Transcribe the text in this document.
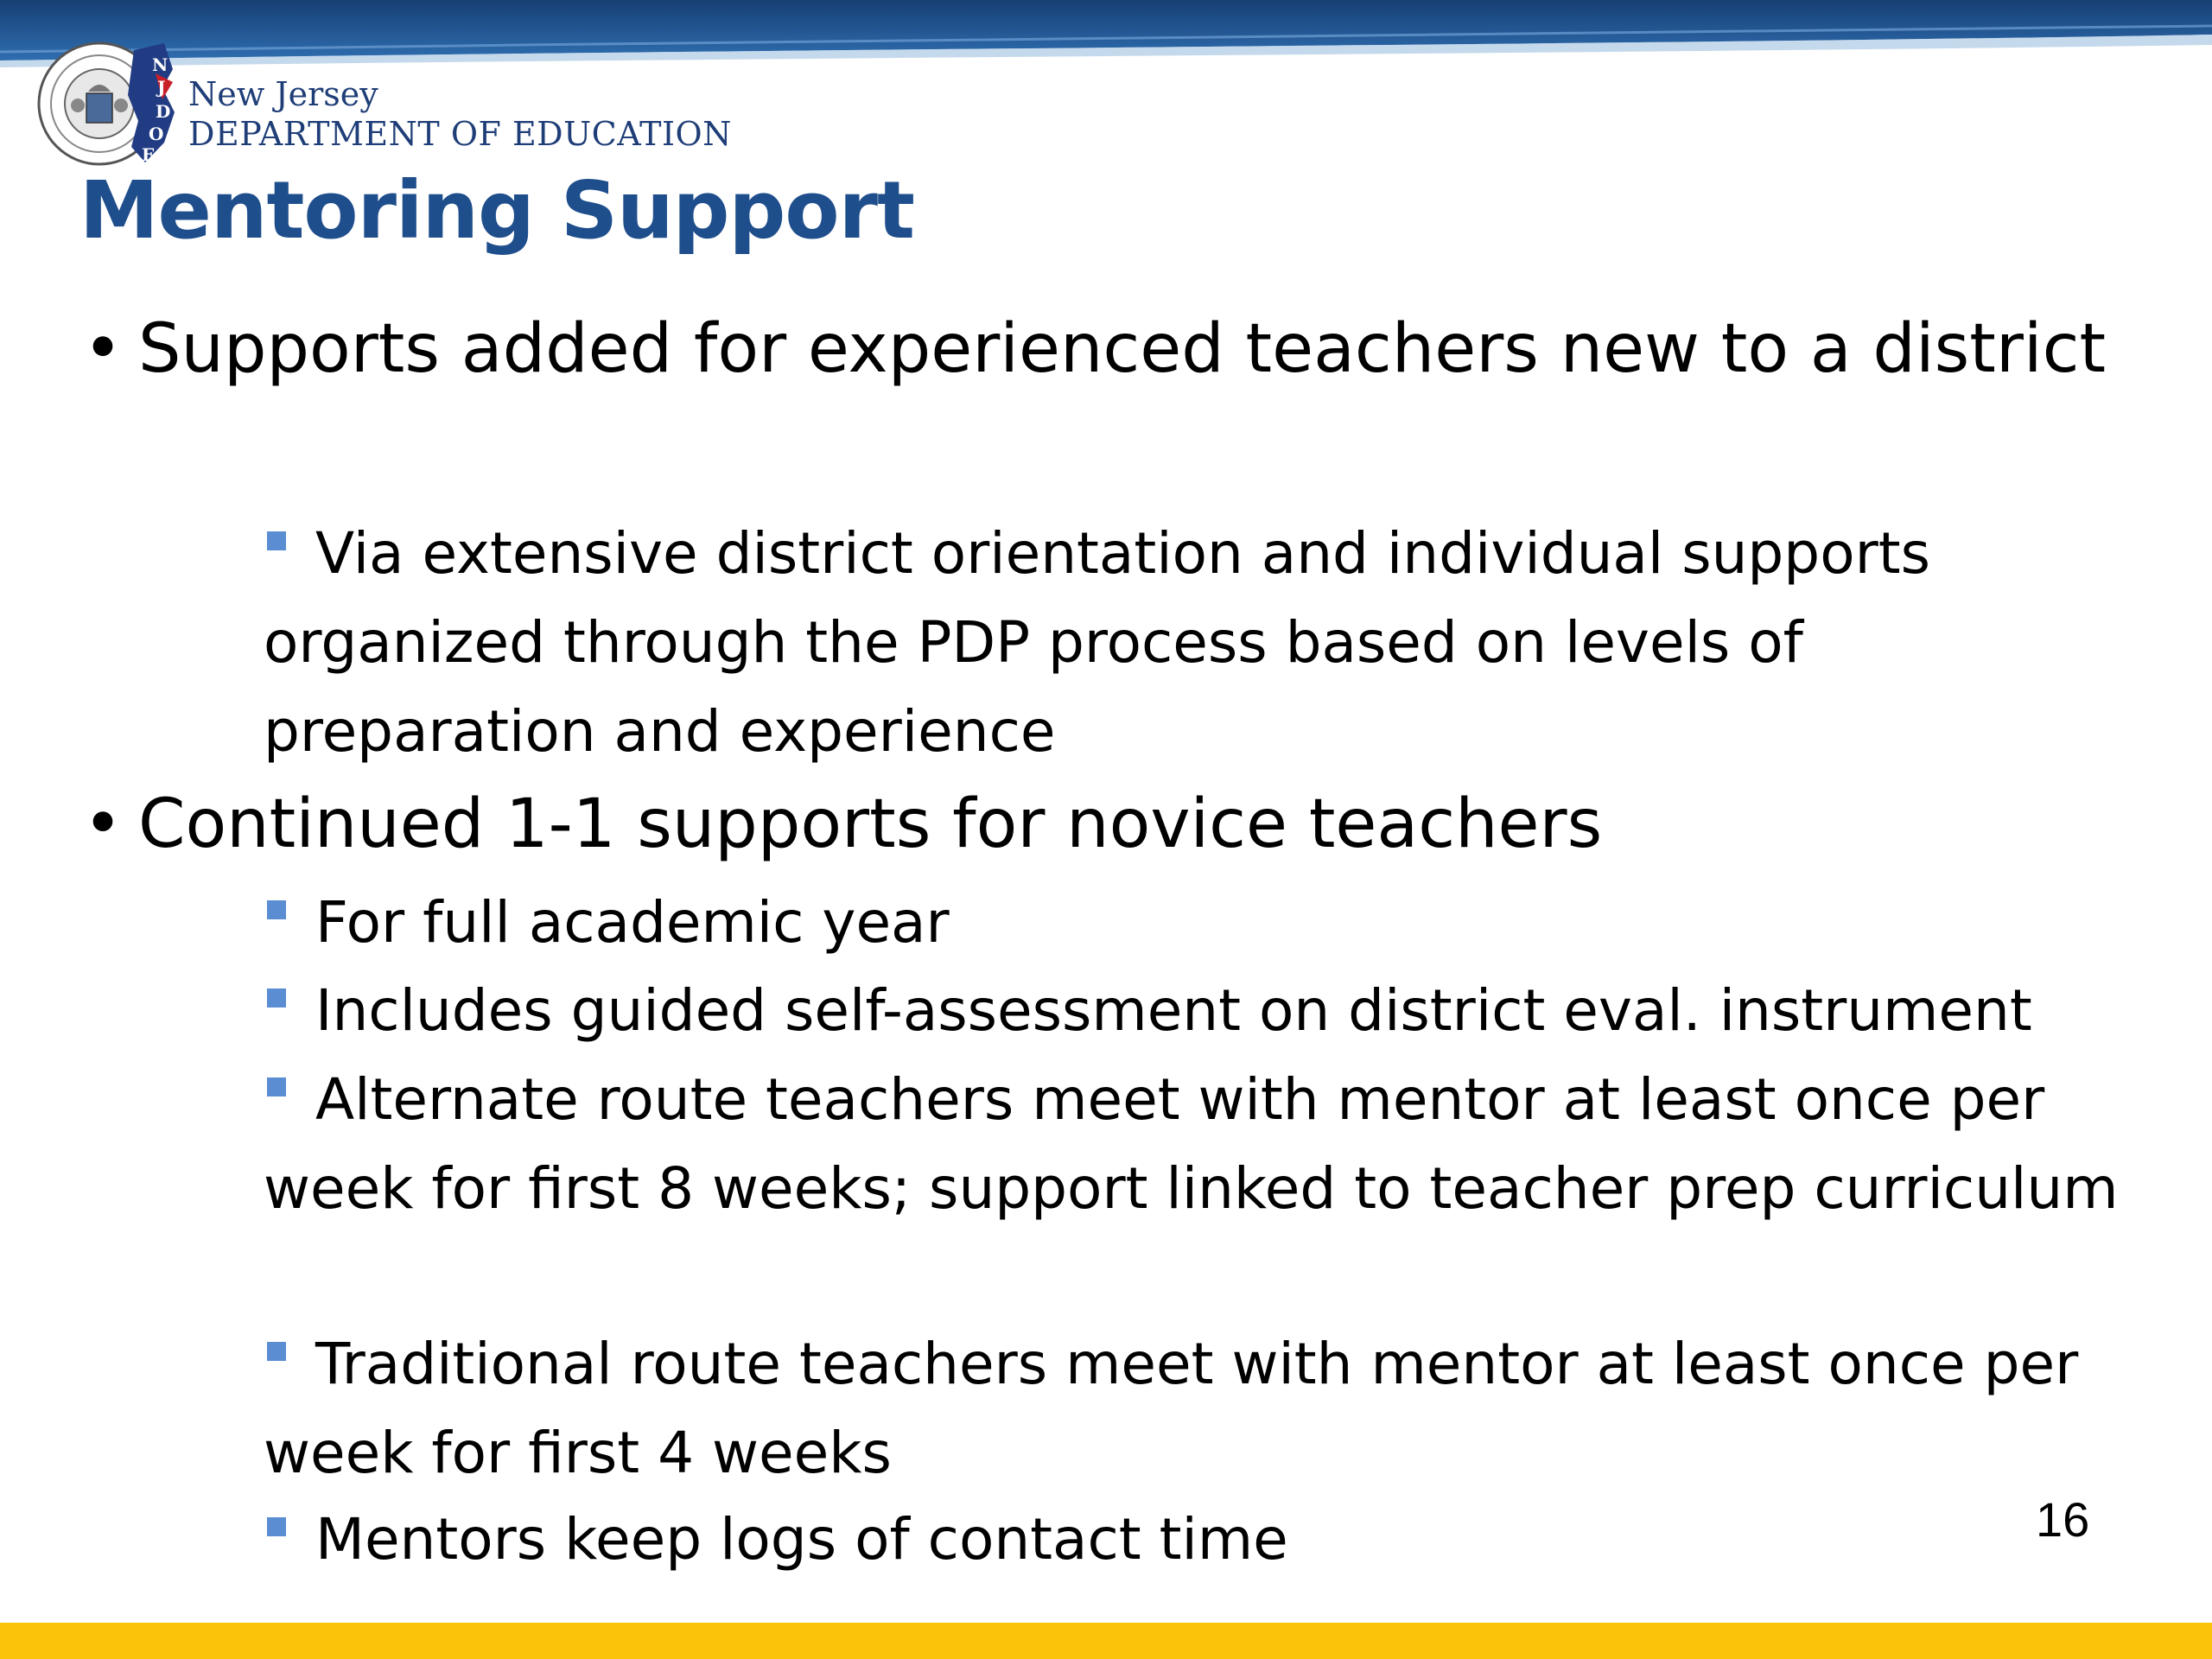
N
J
D
O
E
New Jersey
DEPARTMENT OF EDUCATION
Mentoring Support
• Supports added for experienced teachers new to a district
Via extensive district orientation and individual supports organized through the PDP process based on levels of preparation and experience
• Continued 1-1 supports for novice teachers
For full academic year
Includes guided self-assessment on district eval. instrument
Alternate route teachers meet with mentor at least once per week for first 8 weeks; support linked to teacher prep curriculum
Traditional route teachers meet with mentor at least once per week for first 4 weeks
Mentors keep logs of contact time	16
